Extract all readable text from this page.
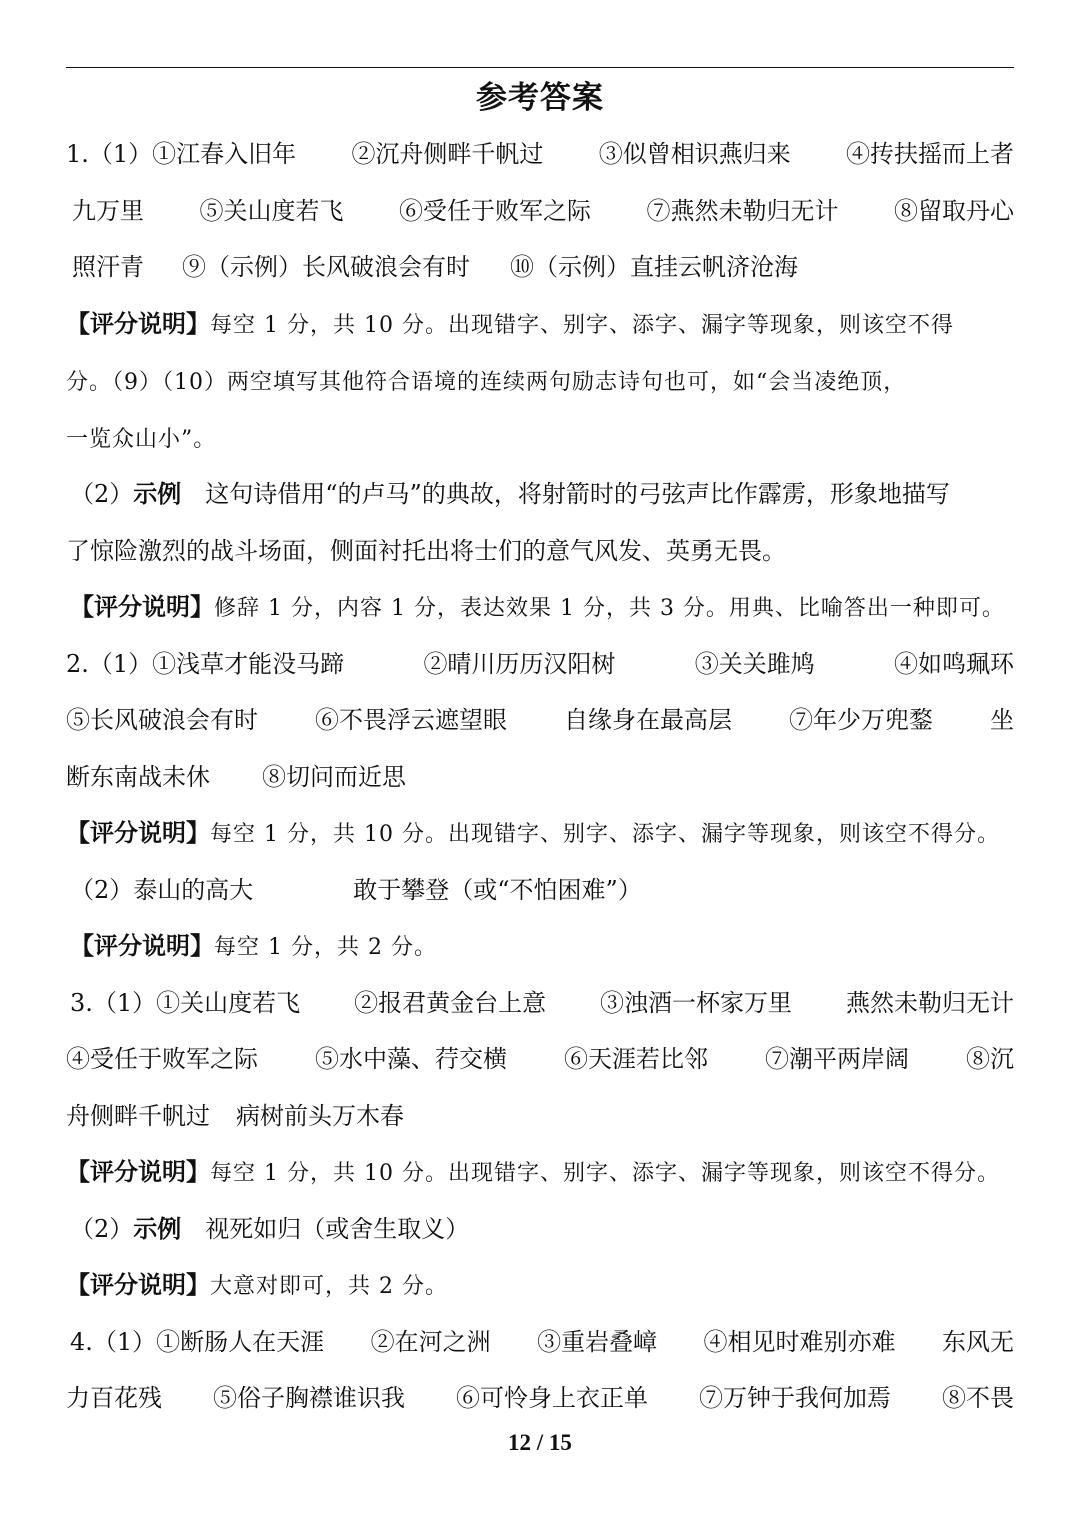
参考答案
1.（1）①江春入旧年 ②沉舟侧畔千帆过 ③似曾相识燕归来 ④抟扶摇而上者
九万里 ⑤关山度若飞 ⑥受任于败军之际 ⑦燕然未勒归无计 ⑧留取丹心
照汗青 ⑨（示例）长风破浪会有时 ⑩（示例）直挂云帆济沧海
【评分说明】每空 1 分，共 10 分。出现错字、别字、添字、漏字等现象，则该空不得
分。（9）（10）两空填写其他符合语境的连续两句励志诗句也可，如“会当凌绝顶，
一览众山小”。
（2）示例　这句诗借用“的卢马”的典故，将射箭时的弓弦声比作霹雳，形象地描写
了惊险激烈的战斗场面，侧面衬托出将士们的意气风发、英勇无畏。
【评分说明】修辞 1 分，内容 1 分，表达效果 1 分，共 3 分。用典、比喻答出一种即可。
2.（1）①浅草才能没马蹄	②晴川历历汉阳树	③关关雎鸠	④如鸣珮环
⑤长风破浪会有时 ⑥不畏浮云遮望眼 自缘身在最高层 ⑦年少万兜鍪 坐
断东南战未休 ⑧切问而近思
【评分说明】每空 1 分，共 10 分。出现错字、别字、添字、漏字等现象，则该空不得分。
（2）泰山的高大	敢于攀登（或“不怕困难”）
【评分说明】每空 1 分，共 2 分。
3.（1）①关山度若飞 ②报君黄金台上意 ③浊酒一杯家万里 燕然未勒归无计
④受任于败军之际 ⑤水中藻、荇交横 ⑥天涯若比邻 ⑦潮平两岸阔 ⑧沉
舟侧畔千帆过 病树前头万木春
【评分说明】每空 1 分，共 10 分。出现错字、别字、添字、漏字等现象，则该空不得分。
（2）示例　视死如归（或舍生取义）
【评分说明】大意对即可，共 2 分。
4.（1）①断肠人在天涯 ②在河之洲 ③重岩叠嶂 ④相见时难别亦难 东风无
力百花残 ⑤俗子胸襟谁识我 ⑥可怜身上衣正单 ⑦万钟于我何加焉 ⑧不畏
12 / 15
